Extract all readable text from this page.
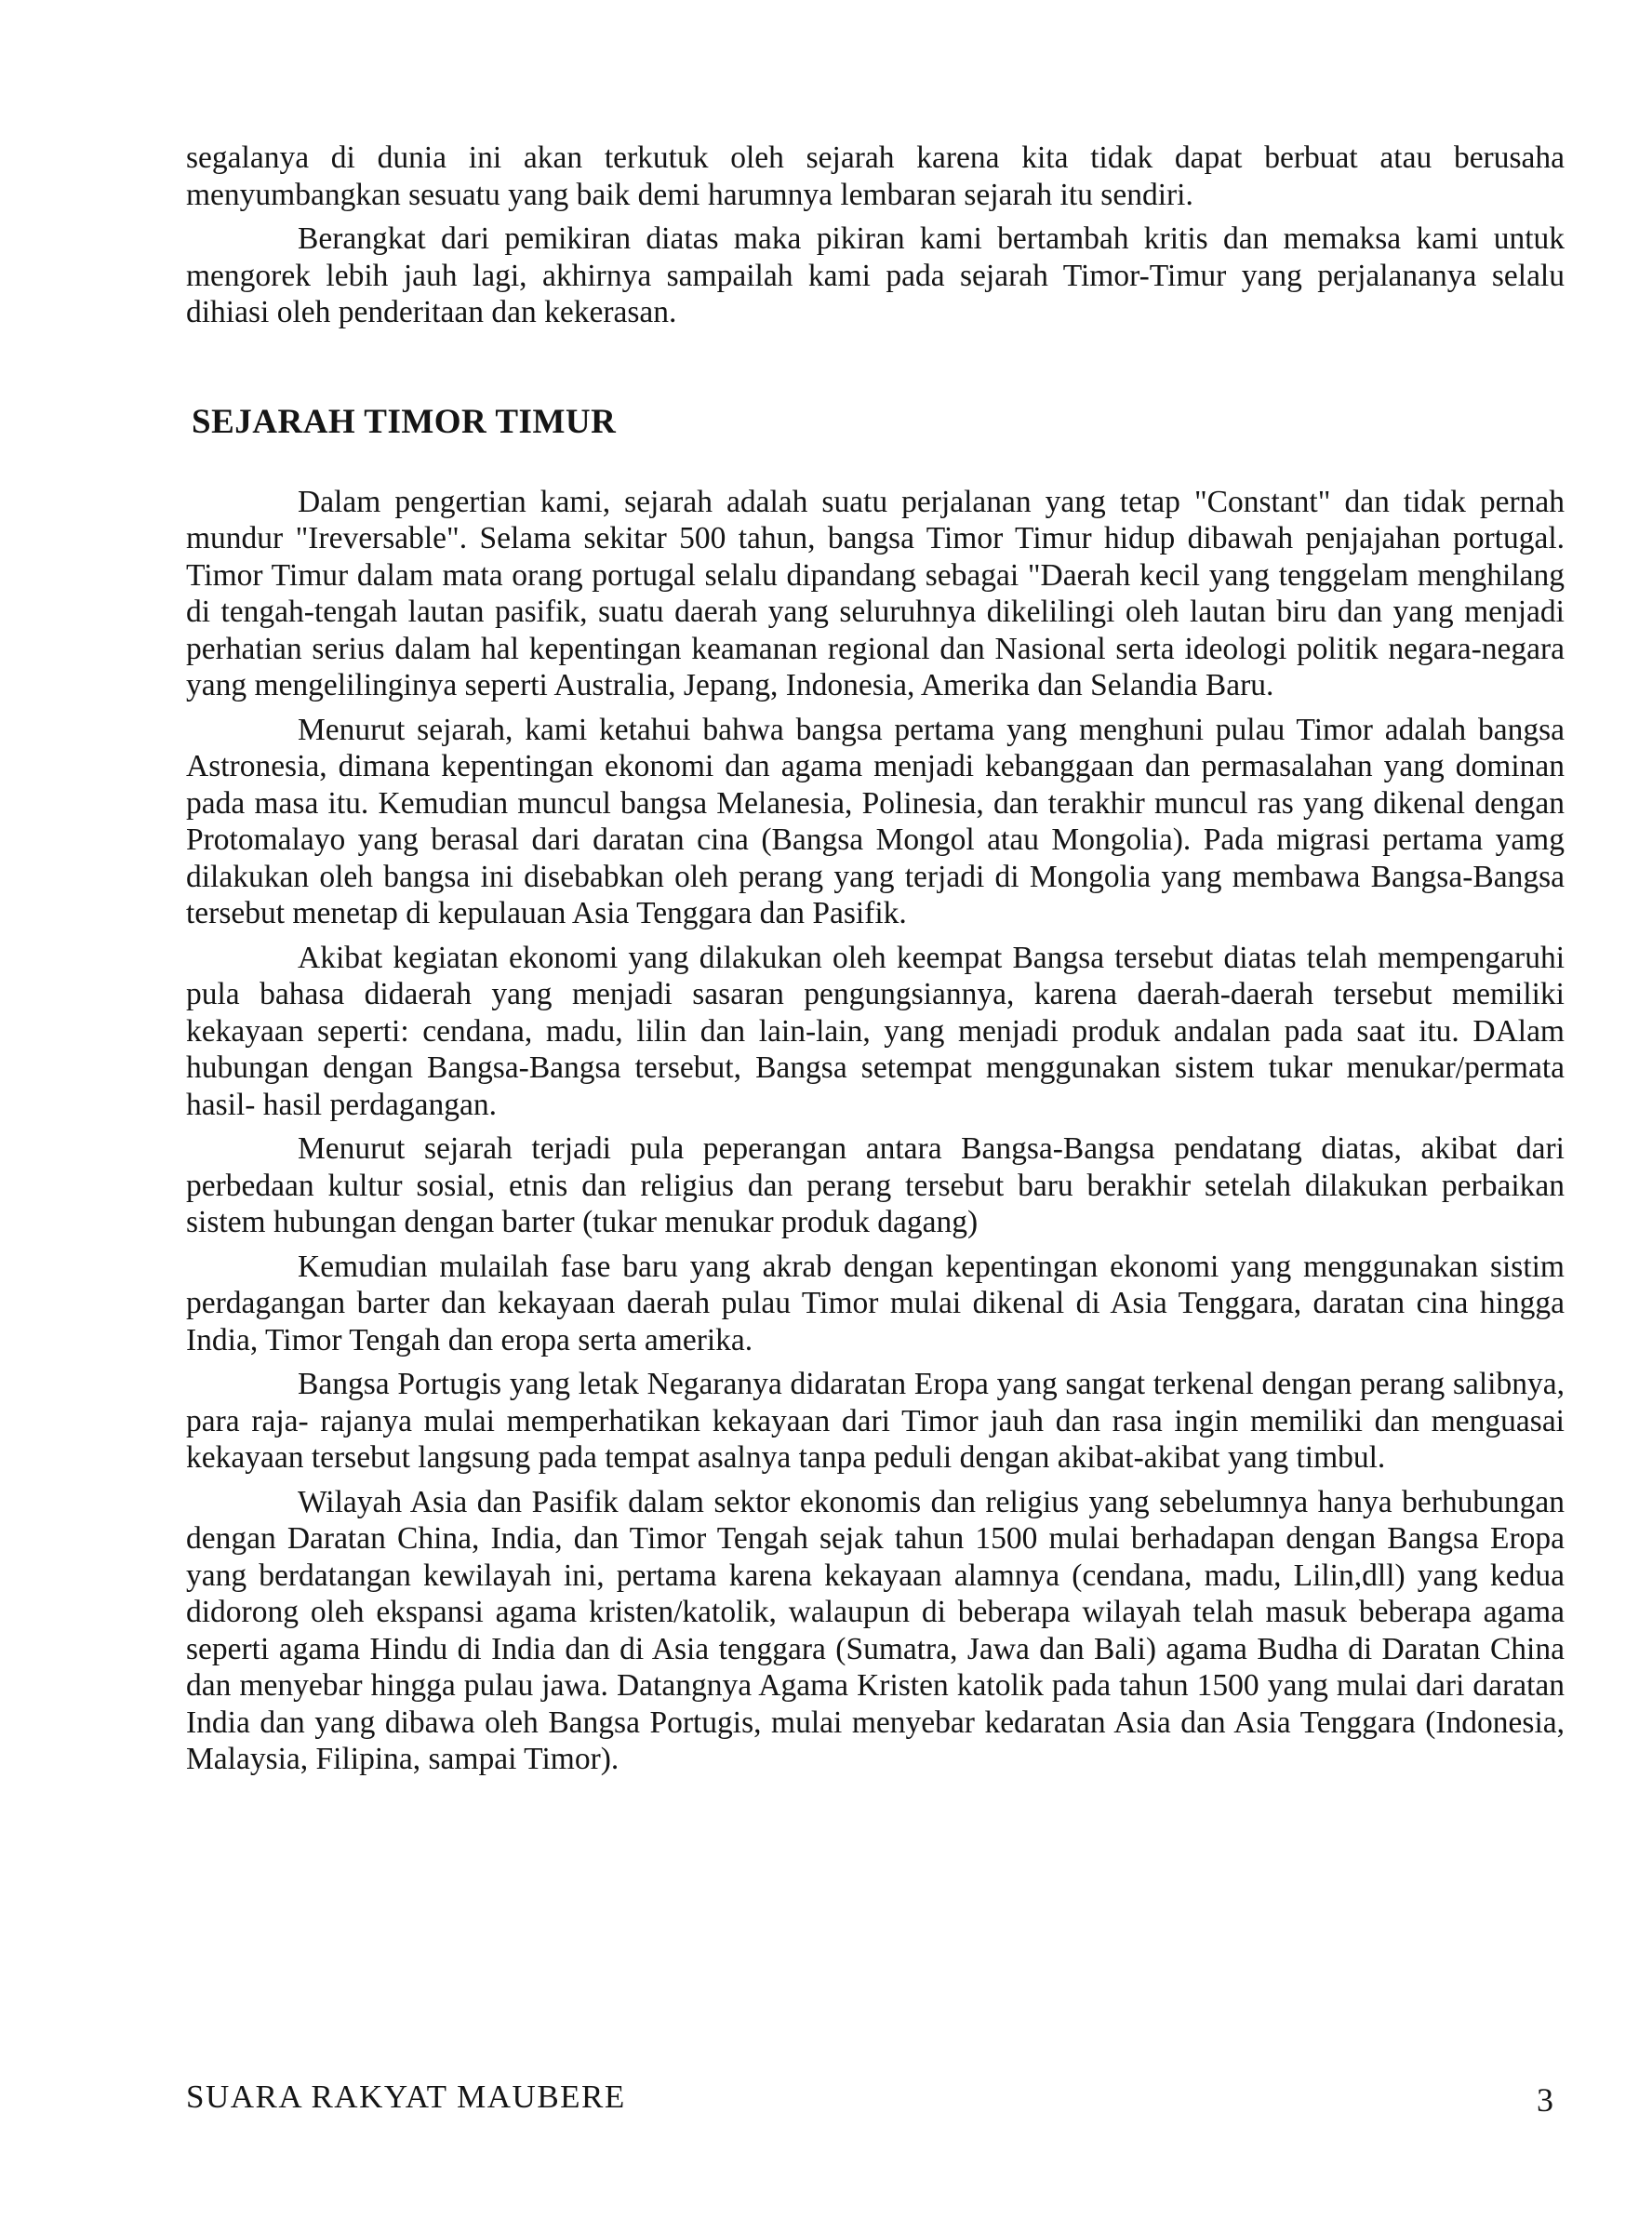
segalanya di dunia ini akan terkutuk oleh sejarah karena kita tidak dapat berbuat atau berusaha menyumbangkan sesuatu yang baik demi harumnya lembaran sejarah itu sendiri.

Berangkat dari pemikiran diatas maka pikiran kami bertambah kritis dan memaksa kami untuk mengorek lebih jauh lagi, akhirnya sampailah kami pada sejarah Timor-Timur yang perjalananya selalu dihiasi oleh penderitaan dan kekerasan.

SEJARAH TIMOR TIMUR

Dalam pengertian kami, sejarah adalah suatu perjalanan yang tetap "Constant" dan tidak pernah mundur "Ireversable". Selama sekitar 500 tahun, bangsa Timor Timur hidup dibawah penjajahan portugal. Timor Timur dalam mata orang portugal selalu dipandang sebagai "Daerah kecil yang tenggelam menghilang di tengah-tengah lautan pasifik, suatu daerah yang seluruhnya dikelilingi oleh lautan biru dan yang menjadi perhatian serius dalam hal kepentingan keamanan regional dan Nasional serta ideologi politik negara-negara yang mengelilinginya seperti Australia, Jepang, Indonesia, Amerika dan Selandia Baru.

Menurut sejarah, kami ketahui bahwa bangsa pertama yang menghuni pulau Timor adalah bangsa Astronesia, dimana kepentingan ekonomi dan agama menjadi kebanggaan dan permasalahan yang dominan pada masa itu. Kemudian muncul bangsa Melanesia, Polinesia, dan terakhir muncul ras yang dikenal dengan Protomalayo yang berasal dari daratan cina (Bangsa Mongol atau Mongolia). Pada migrasi pertama yamg dilakukan oleh bangsa ini disebabkan oleh perang yang terjadi di Mongolia yang membawa Bangsa-Bangsa tersebut menetap di kepulauan Asia Tenggara dan Pasifik.

Akibat kegiatan ekonomi yang dilakukan oleh keempat Bangsa tersebut diatas telah mempengaruhi pula bahasa didaerah yang menjadi sasaran pengungsiannya, karena daerah-daerah tersebut memiliki kekayaan seperti: cendana, madu, lilin dan lain-lain, yang menjadi produk andalan pada saat itu. DAlam hubungan dengan Bangsa-Bangsa tersebut, Bangsa setempat menggunakan sistem tukar menukar/permata hasil- hasil perdagangan.

Menurut sejarah terjadi pula peperangan antara Bangsa-Bangsa pendatang diatas, akibat dari perbedaan kultur sosial, etnis dan religius dan perang tersebut baru berakhir setelah dilakukan perbaikan sistem hubungan dengan barter (tukar menukar produk dagang)

Kemudian mulailah fase baru yang akrab dengan kepentingan ekonomi yang menggunakan sistim perdagangan barter dan kekayaan daerah pulau Timor mulai dikenal di Asia Tenggara, daratan cina hingga India, Timor Tengah dan eropa serta amerika.

Bangsa Portugis yang letak Negaranya didaratan Eropa yang sangat terkenal dengan perang salibnya, para raja- rajanya mulai memperhatikan kekayaan dari Timor jauh dan rasa ingin memiliki dan menguasai kekayaan tersebut langsung pada tempat asalnya tanpa peduli dengan akibat-akibat yang timbul.

Wilayah Asia dan Pasifik dalam sektor ekonomis dan religius yang sebelumnya hanya berhubungan dengan Daratan China, India, dan Timor Tengah sejak tahun 1500 mulai berhadapan dengan Bangsa Eropa yang berdatangan kewilayah ini, pertama karena kekayaan alamnya (cendana, madu, Lilin,dll) yang kedua didorong oleh ekspansi agama kristen/katolik, walaupun di beberapa wilayah telah masuk beberapa agama seperti agama Hindu di India dan di Asia tenggara (Sumatra, Jawa dan Bali) agama Budha di Daratan China dan menyebar hingga pulau jawa. Datangnya Agama Kristen katolik pada tahun 1500 yang mulai dari daratan India dan yang dibawa oleh Bangsa Portugis, mulai menyebar kedaratan Asia dan Asia Tenggara (Indonesia, Malaysia, Filipina, sampai Timor).

SUARA RAKYAT MAUBERE	3
